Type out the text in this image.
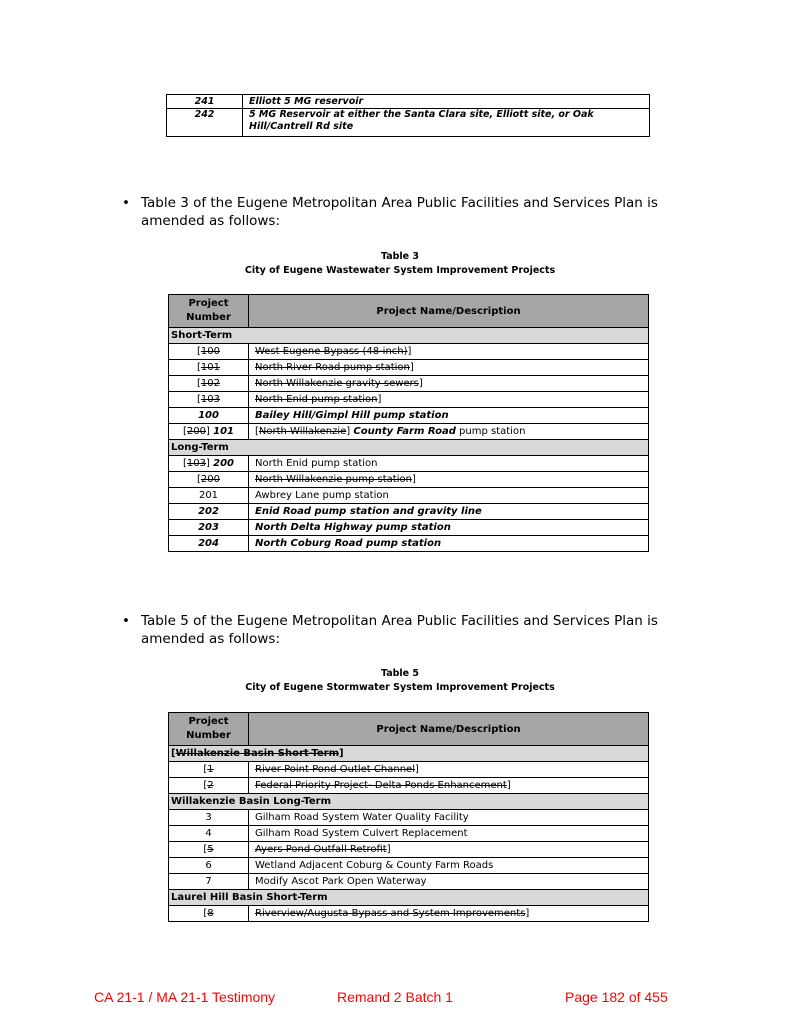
241	Elliott 5 MG reservoir
242	5 MG Reservoir at either the Santa Clara site, Elliott site, or Oak Hill/Cantrell Rd site
• Table 3 of the Eugene Metropolitan Area Public Facilities and Services Plan is amended as follows:
Table 3
City of Eugene Wastewater System Improvement Projects
Project Number	Project Name/Description
Short-Term	
[100	West Eugene Bypass (48-inch)]
[101	North River Road pump station]
[102	North Willakenzie gravity sewers]
[103	North Enid pump station]
100	Bailey Hill/Gimpl Hill pump station
[200] 101	[North Willakenzie] County Farm Road pump station
Long-Term	
[103] 200	North Enid pump station
[200	North Willakenzie pump station]
201	Awbrey Lane pump station
202	Enid Road pump station and gravity line
203	North Delta Highway pump station
204	North Coburg Road pump station
• Table 5 of the Eugene Metropolitan Area Public Facilities and Services Plan is amended as follows:
Table 5
City of Eugene Stormwater System Improvement Projects
Project Number	Project Name/Description
[Willakenzie Basin Short-Term]	
[1	River Point Pond Outlet Channel]
[2	Federal Priority Project- Delta Ponds Enhancement]
Willakenzie Basin Long-Term	
3	Gilham Road System Water Quality Facility
4	Gilham Road System Culvert Replacement
[5	Ayers Pond Outfall Retrofit]
6	Wetland Adjacent Coburg & County Farm Roads
7	Modify Ascot Park Open Waterway
Laurel Hill Basin Short-Term	
[8	Riverview/Augusta Bypass and System Improvements]
CA 21-1 / MA 21-1 Testimony	Remand 2 Batch 1	Page 182 of 455
